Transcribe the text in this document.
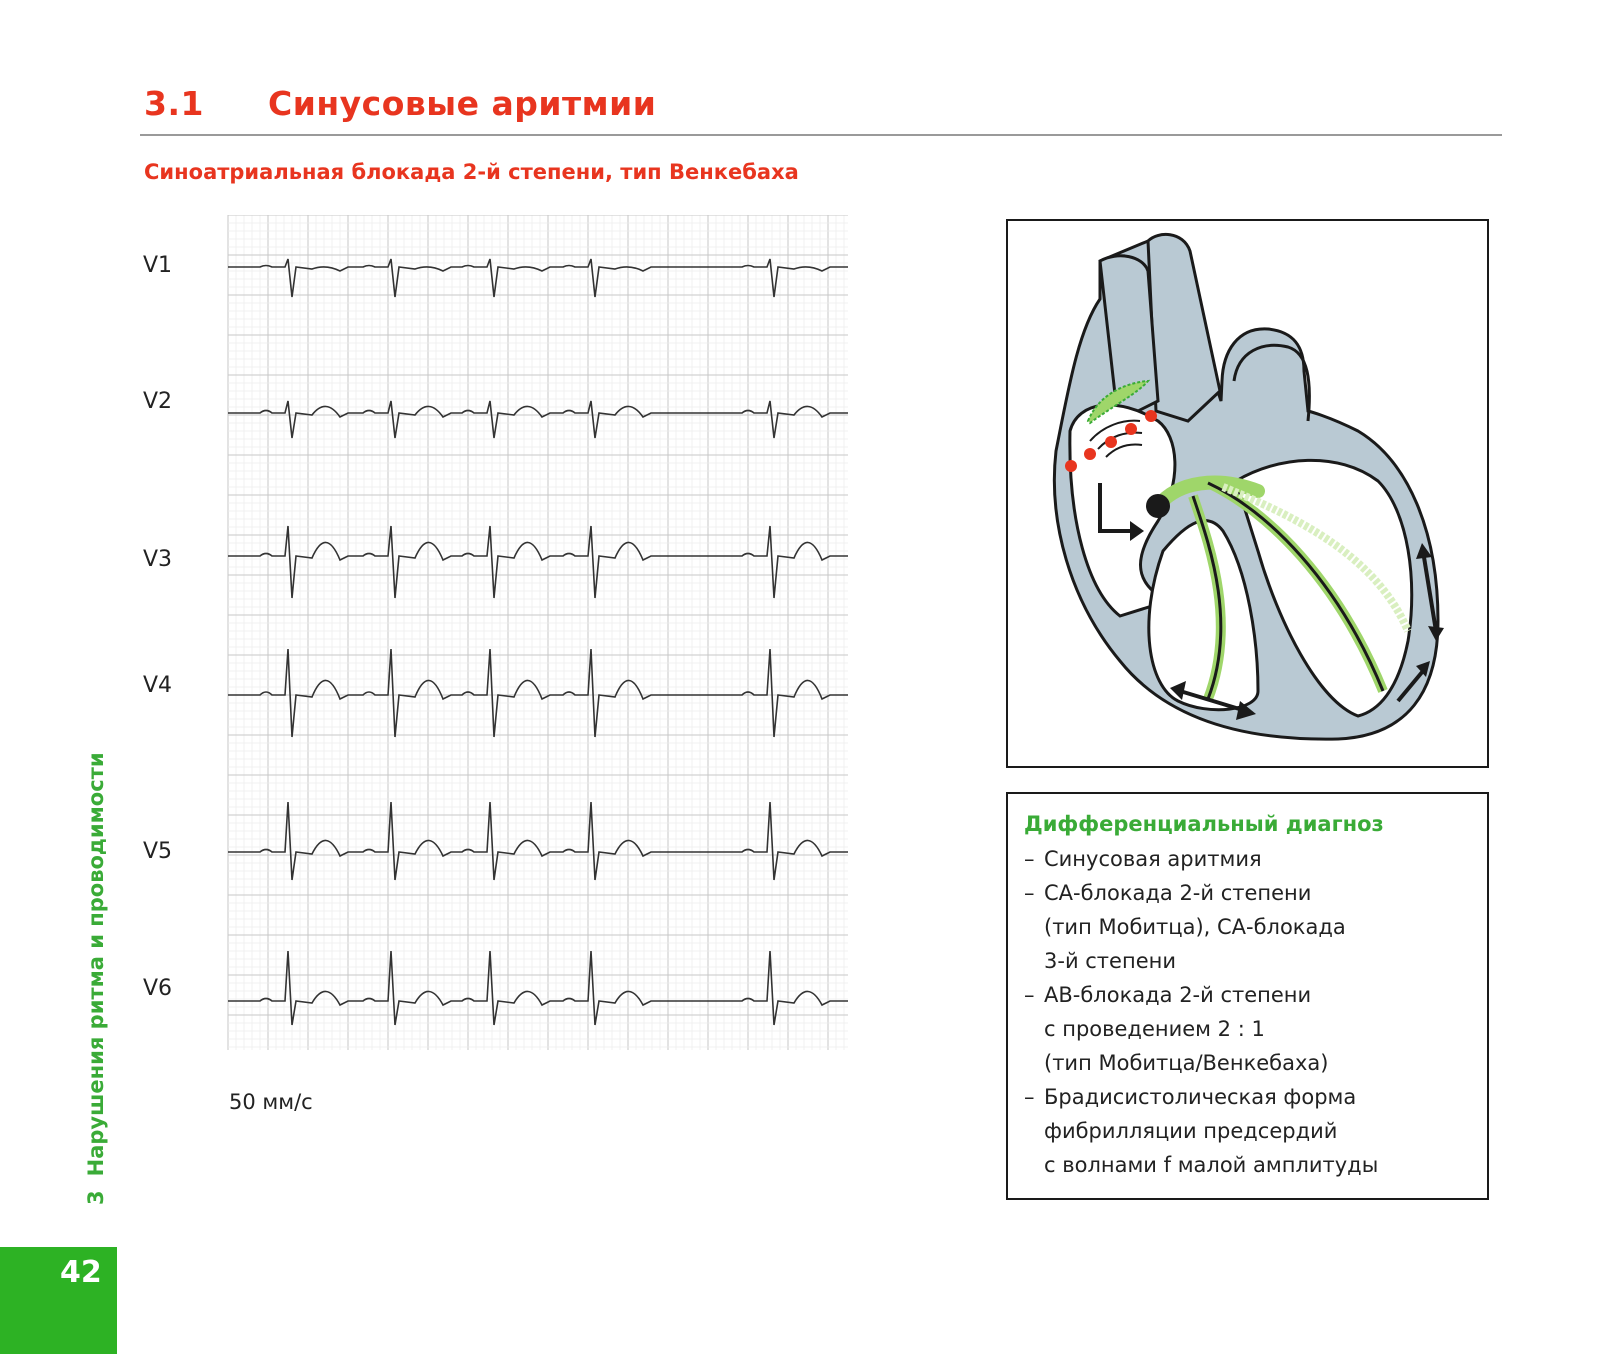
3.1 Синусовые аритмии
Синоатриальная блокада 2-й степени, тип Венкебаха
V1
V2
V3
V4
V5
V6
50 мм/с
Дифференциальный диагноз
– Синусовая аритмия
– СА-блокада 2-й степени
(тип Мобитца), СА-блокада
3-й степени
– АВ-блокада 2-й степени
с проведением 2 : 1
(тип Мобитца/Венкебаха)
– Брадисистолическая форма
фибрилляции предсердий
с волнами f малой амплитуды
3Нарушения ритма и проводимости
42
